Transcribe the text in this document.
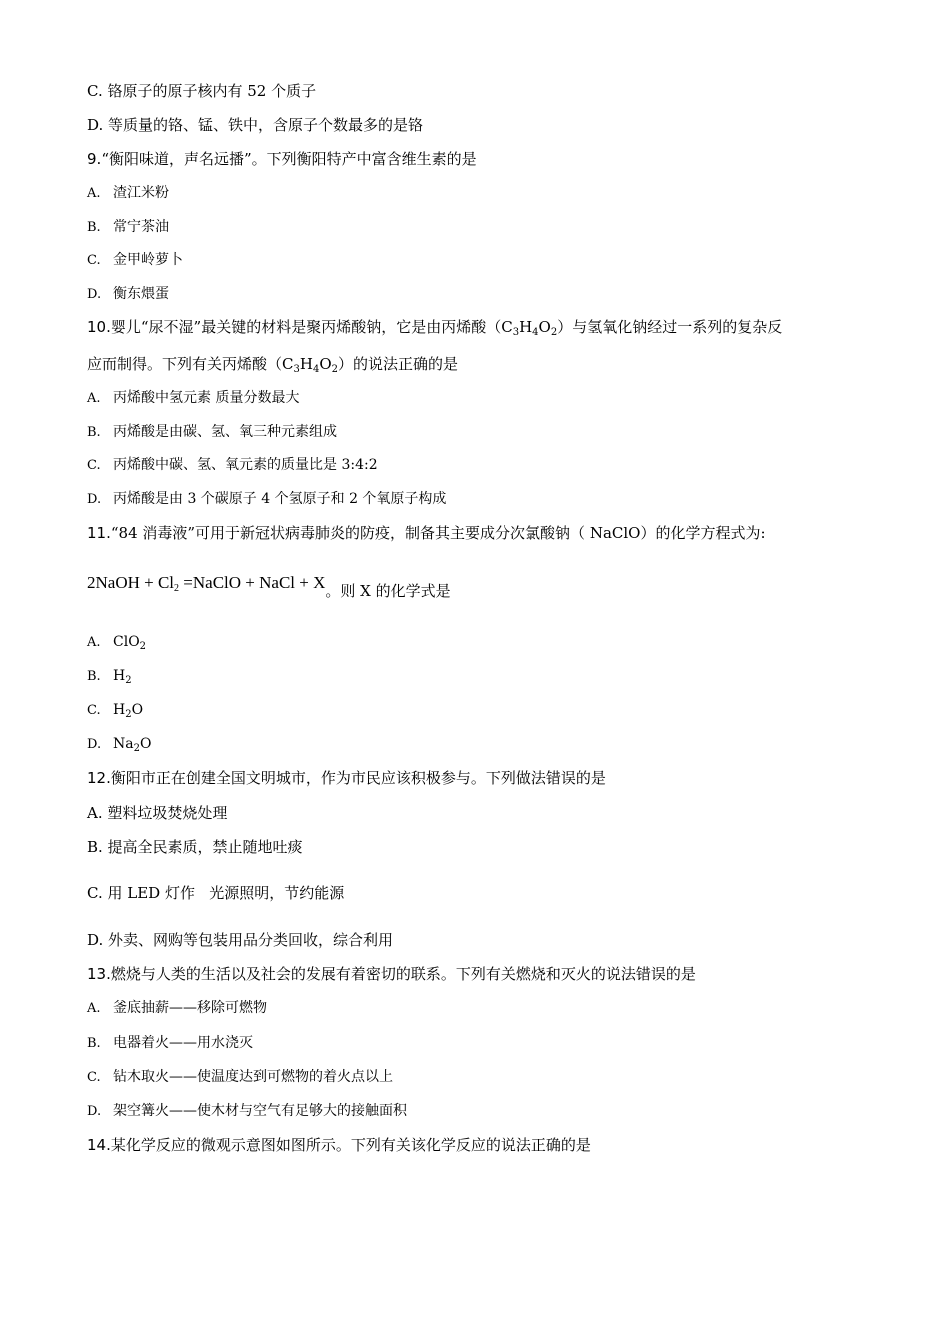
C. 铬原子的原子核内有 52 个质子
D. 等质量的铬、锰、铁中，含原子个数最多的是铬
9.“衡阳味道，声名远播”。下列衡阳特产中富含维生素的是
A. 渣江米粉
B. 常宁茶油
C. 金甲岭萝卜
D. 衡东煨蛋
10.婴儿“尿不湿”最关键的材料是聚丙烯酸钠，它是由丙烯酸$(C_3H_4O_2)$与氢氧化钠经过一系列的复杂反
应而制得。下列有关丙烯酸$(C_3H_4O_2)$的说法正确的是
A. 丙烯酸中氢元素 质量分数最大
B. 丙烯酸是由碳、氢、氧三种元素组成
C. 丙烯酸中碳、氢、氧元素的质量比是 3:4:2
D. 丙烯酸是由 3 个碳原子 4 个氢原子和 2 个氧原子构成
11.“84 消毒液”可用于新冠状病毒肺炎的防疫，制备其主要成分次氯酸钠（ NaClO）的化学方程式为:
2NaOH + $Cl_2$ =NaClO + NaCl + X。则 X 的化学式是
A. ClO$_2$
B. $H_2$
C. $H_2O$
D. $Na_2O$
12.衡阳市正在创建全国文明城市，作为市民应该积极参与。下列做法错误的是
A. 塑料垃圾焚烧处理
B. 提高全民素质，禁止随地吐痰
C. 用 LED 灯作   光源照明，节约能源
D. 外卖、网购等包装用品分类回收，综合利用
13.燃烧与人类的生活以及社会的发展有着密切的联系。下列有关燃烧和灭火的说法错误的是
A. 釜底抽薪——移除可燃物
B. 电器着火——用水浇灭
C. 钻木取火——使温度达到可燃物的着火点以上
D. 架空篝火——使木材与空气有足够大的接触面积
14.某化学反应的微观示意图如图所示。下列有关该化学反应的说法正确的是
